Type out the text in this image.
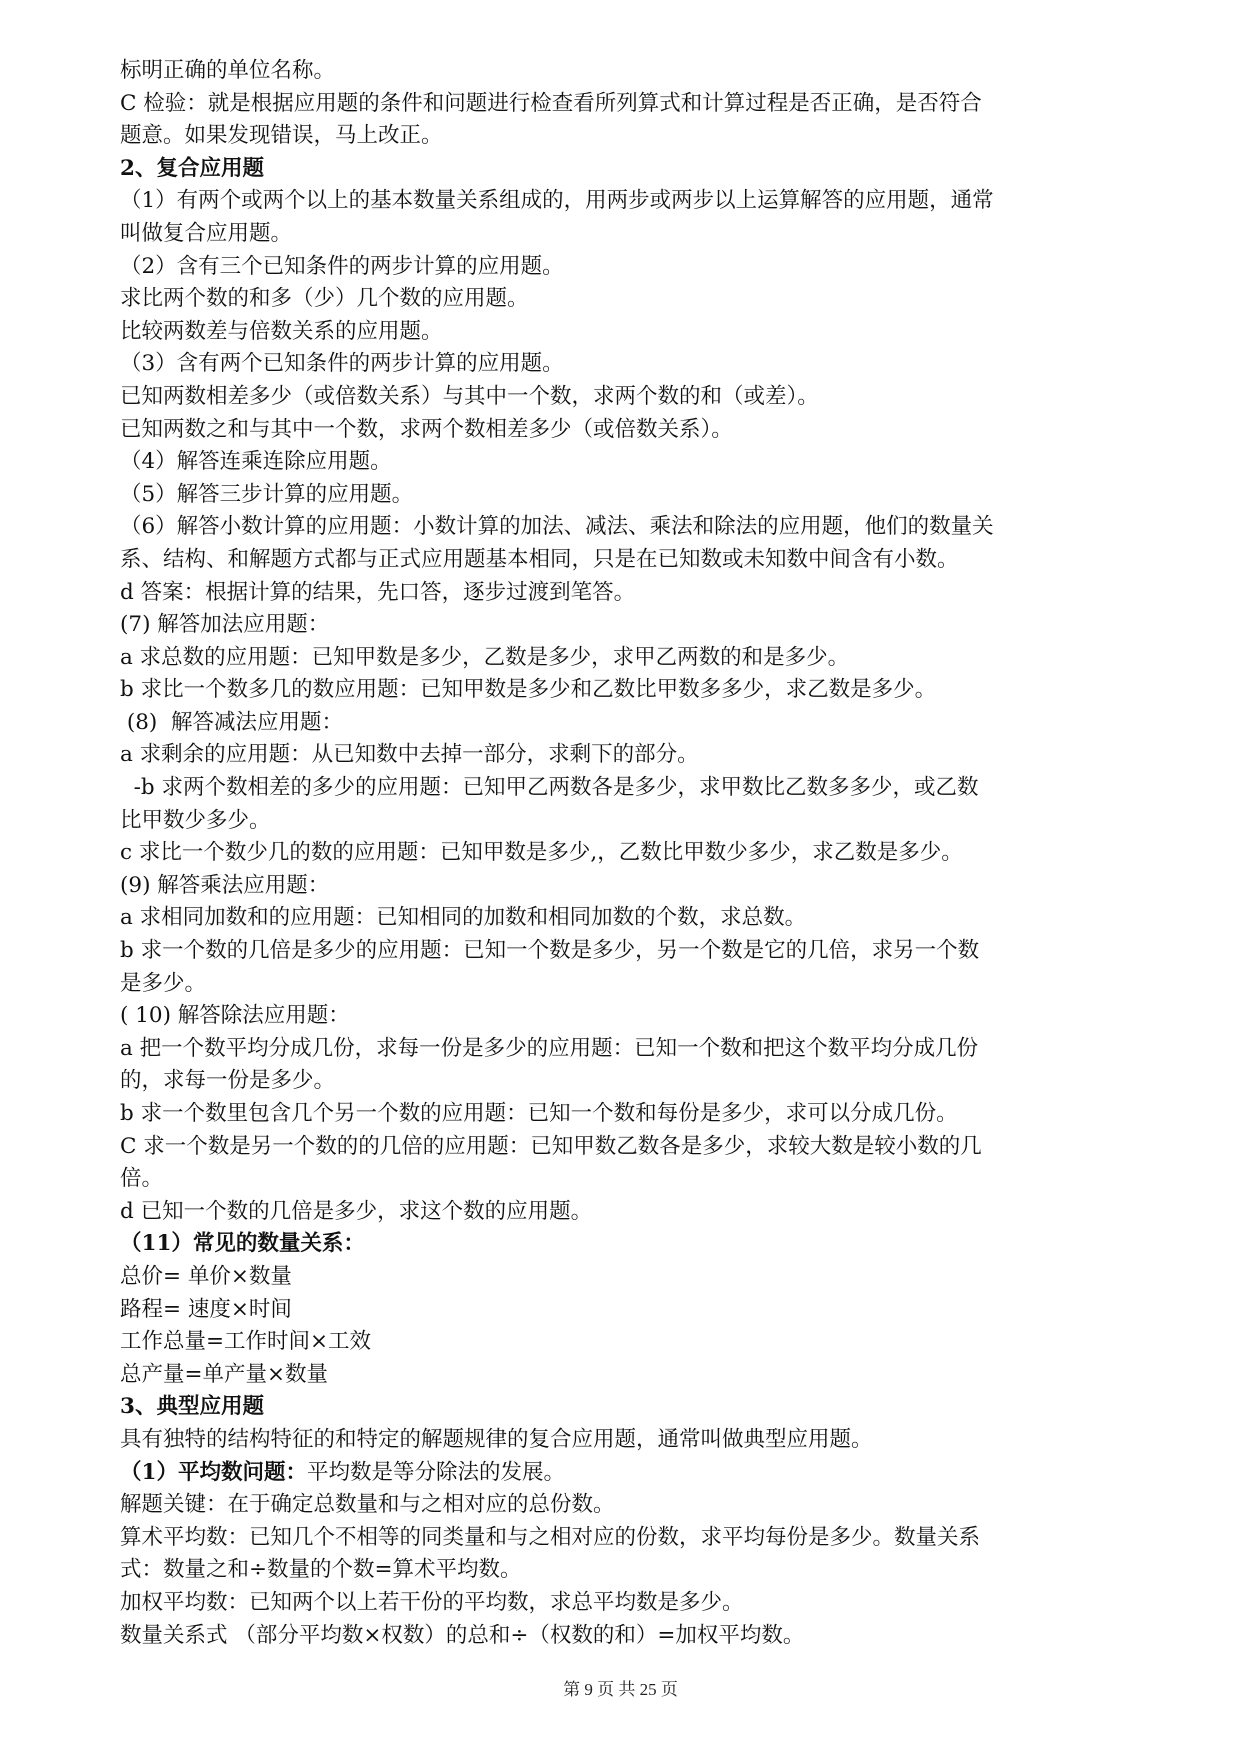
标明正确的单位名称。
C 检验：就是根据应用题的条件和问题进行检查看所列算式和计算过程是否正确，是否符合
题意。如果发现错误，马上改正。
2、复合应用题
（1）有两个或两个以上的基本数量关系组成的，用两步或两步以上运算解答的应用题，通常
叫做复合应用题。
（2）含有三个已知条件的两步计算的应用题。
求比两个数的和多（少）几个数的应用题。
比较两数差与倍数关系的应用题。
（3）含有两个已知条件的两步计算的应用题。
已知两数相差多少（或倍数关系）与其中一个数，求两个数的和（或差）。
已知两数之和与其中一个数，求两个数相差多少（或倍数关系）。
（4）解答连乘连除应用题。
（5）解答三步计算的应用题。
（6）解答小数计算的应用题：小数计算的加法、减法、乘法和除法的应用题，他们的数量关
系、结构、和解题方式都与正式应用题基本相同，只是在已知数或未知数中间含有小数。
d 答案：根据计算的结果，先口答，逐步过渡到笔答。
(7) 解答加法应用题：
a 求总数的应用题：已知甲数是多少，乙数是多少，求甲乙两数的和是多少。
b 求比一个数多几的数应用题：已知甲数是多少和乙数比甲数多多少，求乙数是多少。
(8)  解答减法应用题：
a 求剩余的应用题：从已知数中去掉一部分，求剩下的部分。
-b 求两个数相差的多少的应用题：已知甲乙两数各是多少，求甲数比乙数多多少，或乙数
比甲数少多少。
c 求比一个数少几的数的应用题：已知甲数是多少,，乙数比甲数少多少，求乙数是多少。
(9) 解答乘法应用题：
a 求相同加数和的应用题：已知相同的加数和相同加数的个数，求总数。
b 求一个数的几倍是多少的应用题：已知一个数是多少，另一个数是它的几倍，求另一个数
是多少。
( 10) 解答除法应用题：
a 把一个数平均分成几份，求每一份是多少的应用题：已知一个数和把这个数平均分成几份
的，求每一份是多少。
b 求一个数里包含几个另一个数的应用题：已知一个数和每份是多少，求可以分成几份。
C 求一个数是另一个数的的几倍的应用题：已知甲数乙数各是多少，求较大数是较小数的几
倍。
d 已知一个数的几倍是多少，求这个数的应用题。
（11）常见的数量关系：
总价= 单价×数量
路程= 速度×时间
工作总量=工作时间×工效
总产量=单产量×数量
3、典型应用题
具有独特的结构特征的和特定的解题规律的复合应用题，通常叫做典型应用题。
（1）平均数问题：平均数是等分除法的发展。
解题关键：在于确定总数量和与之相对应的总份数。
算术平均数：已知几个不相等的同类量和与之相对应的份数，求平均每份是多少。数量关系
式：数量之和÷数量的个数=算术平均数。
加权平均数：已知两个以上若干份的平均数，求总平均数是多少。
数量关系式 （部分平均数×权数）的总和÷（权数的和）=加权平均数。
第 9 页 共 25 页
